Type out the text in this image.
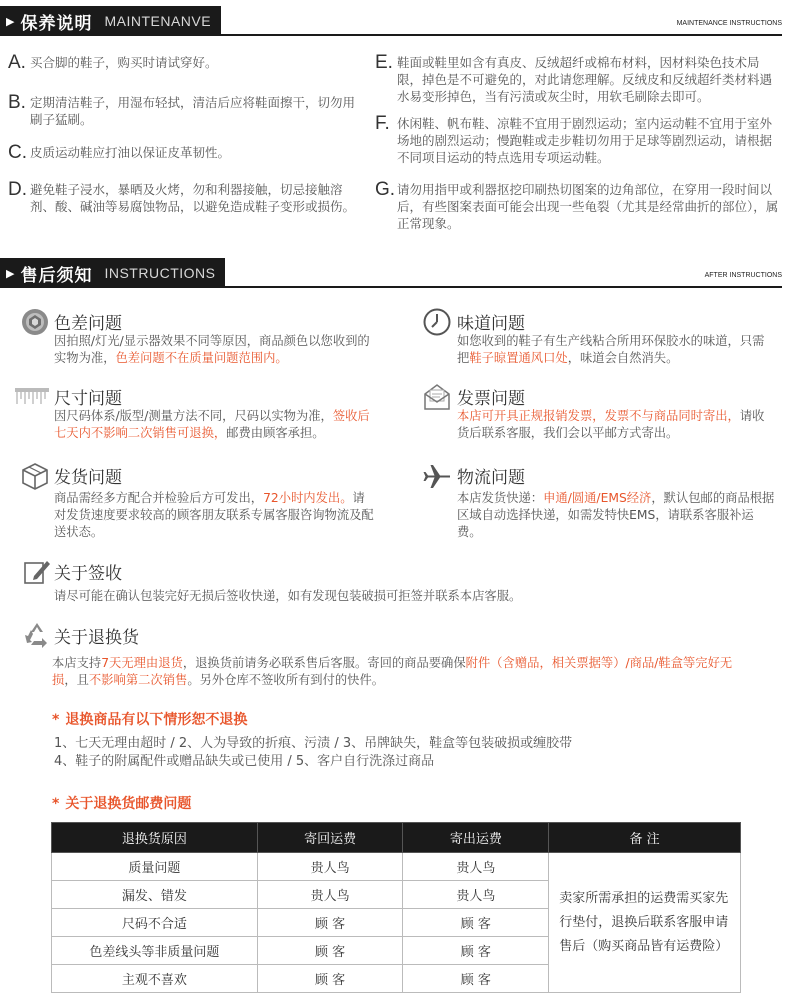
▶ 保养说明 MAINTENANVE	MAINTENANCE INSTRUCTIONS
A. 买合脚的鞋子，购买时请试穿好。
B. 定期清洁鞋子，用湿布轻拭，清洁后应将鞋面擦干，切勿用刷子猛刷。
C. 皮质运动鞋应打油以保证皮革韧性。
D. 避免鞋子浸水，暴晒及火烤，勿和利器接触，切忌接触溶剂、酸、碱油等易腐蚀物品，以避免造成鞋子变形或损伤。
E. 鞋面或鞋里如含有真皮、反绒超纤或棉布材料，因材料染色技术局限，掉色是不可避免的，对此请您理解。反绒皮和反绒超纤类材料遇水易变形掉色，当有污渍或灰尘时，用软毛刷除去即可。
F. 休闲鞋、帆布鞋、凉鞋不宜用于剧烈运动；室内运动鞋不宜用于室外场地的剧烈运动；慢跑鞋或走步鞋切勿用于足球等剧烈运动，请根据不同项目运动的特点选用专项运动鞋。
G. 请勿用指甲或利器抠挖印刷热切图案的边角部位，在穿用一段时间以后，有些图案表面可能会出现一些龟裂（尤其是经常曲折的部位），属正常现象。
▶ 售后须知 INSTRUCTIONS	AFTER INSTRUCTIONS
色差问题
因拍照/灯光/显示器效果不同等原因，商品颜色以您收到的实物为准，色差问题不在质量问题范围内。
味道问题
如您收到的鞋子有生产线粘合所用环保胶水的味道，只需把鞋子晾置通风口处，味道会自然消失。
尺寸问题
因尺码体系/版型/测量方法不同，尺码以实物为准，签收后七天内不影响二次销售可退换，邮费由顾客承担。
发票问题
本店可开具正规报销发票，发票不与商品同时寄出，请收货后联系客服，我们会以平邮方式寄出。
发货问题
商品需经多方配合并检验后方可发出，72小时内发出。请对发货速度要求较高的顾客朋友联系专属客服咨询物流及配送状态。
物流问题
本店发货快递：申通/圆通/EMS经济，默认包邮的商品根据区域自动选择快递，如需发特快EMS，请联系客服补运费。
关于签收
请尽可能在确认包装完好无损后签收快递，如有发现包装破损可拒签并联系本店客服。
关于退换货
本店支持7天无理由退货，退换货前请务必联系售后客服。寄回的商品要确保附件（含赠品，相关票据等）/商品/鞋盒等完好无损，且不影响第二次销售。另外仓库不签收所有到付的快件。
* 退换商品有以下情形恕不退换
1、七天无理由超时 / 2、人为导致的折痕、污渍 / 3、吊牌缺失，鞋盒等包装破损或缠胶带
4、鞋子的附属配件或赠品缺失或已使用 / 5、客户自行洗涤过商品
* 关于退换货邮费问题
退换货原因	寄回运费	寄出运费	备 注
质量问题	贵人鸟	贵人鸟	卖家所需承担的运费需买家先行垫付，退换后联系客服申请售后（购买商品皆有运费险）
漏发、错发	贵人鸟	贵人鸟	
尺码不合适	顾 客	顾 客	
色差线头等非质量问题	顾 客	顾 客	
主观不喜欢	顾 客	顾 客	
